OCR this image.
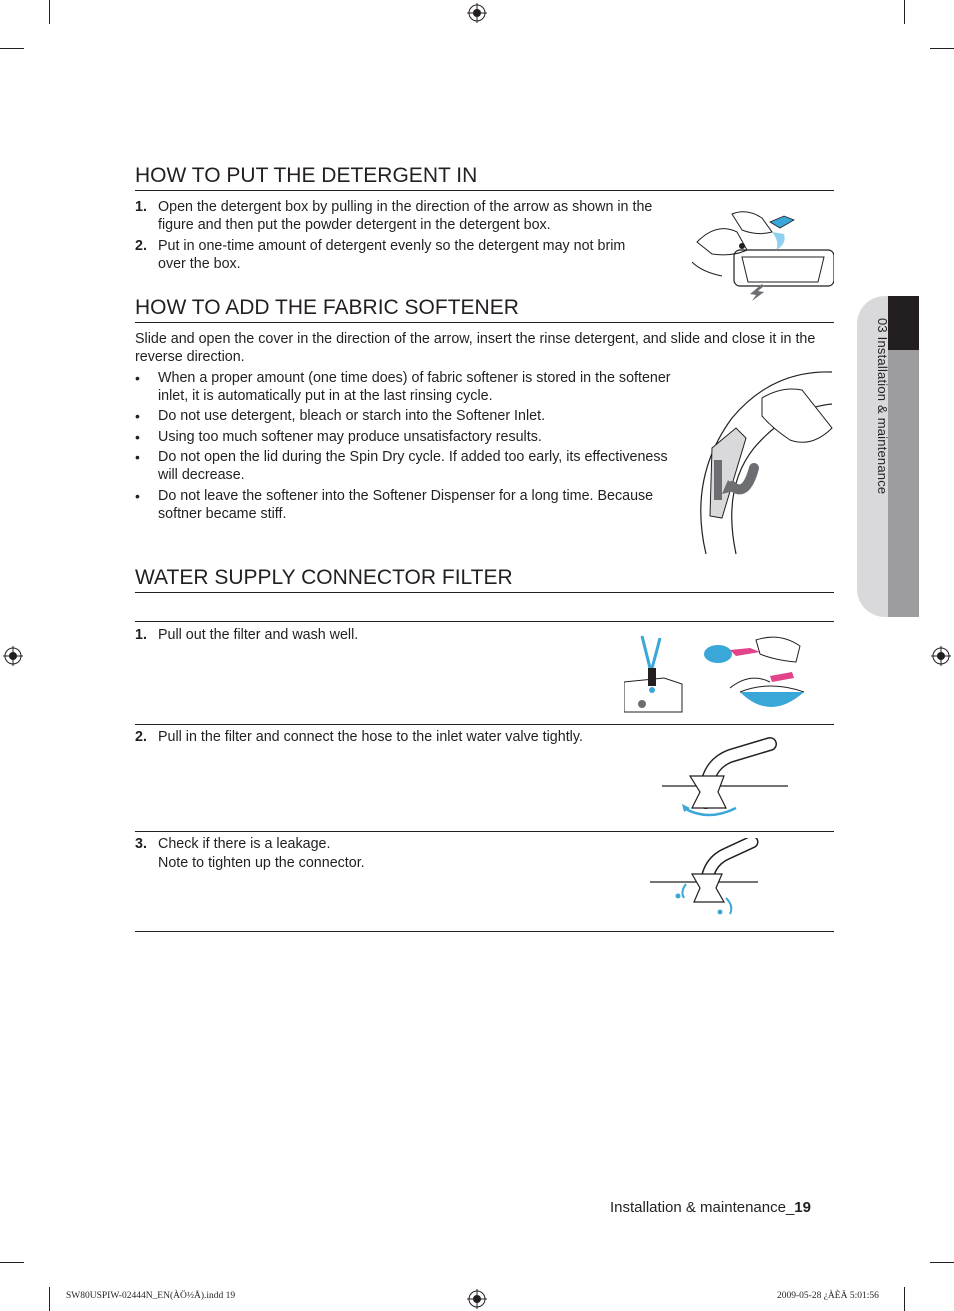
03 Installation & maintenance
HOW TO PUT THE DETERGENT IN
1. Open the detergent box by pulling in the direction of the arrow as shown in the
figure and then put the powder detergent in the detergent box.
2. Put in one-time amount of detergent evenly so the detergent may not brim
over the box.
HOW TO ADD THE FABRIC SOFTENER
Slide and open the cover in the direction of the arrow, insert the rinse detergent, and slide and close it in the
reverse direction.
• When a proper amount (one time does) of fabric softener is stored in the softener
inlet, it is automatically put in at the last rinsing cycle.
• Do not use detergent, bleach or starch into the Softener Inlet.
• Using too much softener may produce unsatisfactory results.
• Do not open the lid during the Spin Dry cycle. If added too early, its effectiveness
will decrease.
• Do not leave the softener into the Softener Dispenser for a long time. Because
softner became stiff.
WATER SUPPLY CONNECTOR FILTER
1. Pull out the filter and wash well.
2. Pull in the filter and connect the hose to the inlet water valve tightly.
3. Check if there is a leakage.
Note to tighten up the connector.
Installation & maintenance_19
SW80USPIW-02444N_EN(ÀÖ½Å).indd 19	2009-05-28 ¿ÀÈÄ 5:01:56
